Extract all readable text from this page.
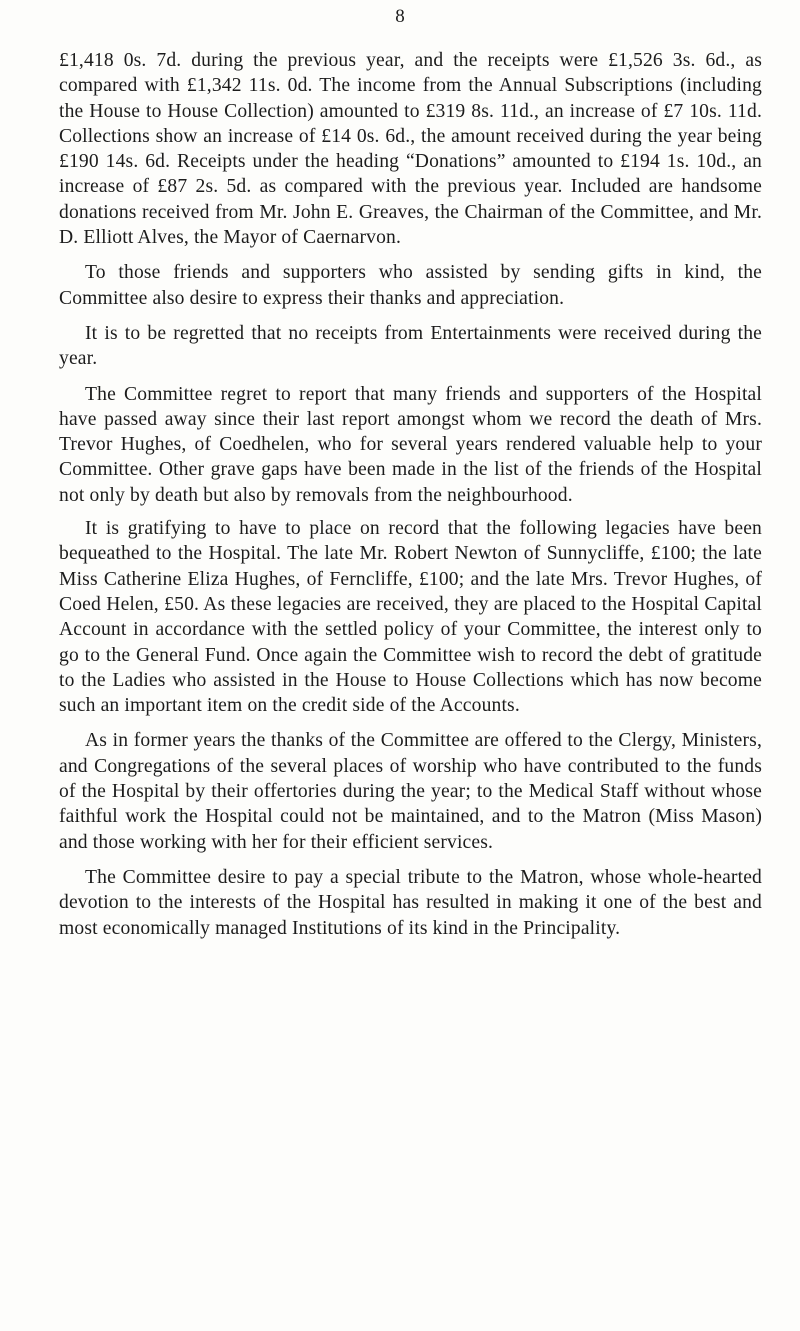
8

£1,418 0s. 7d. during the previous year, and the receipts were £1,526 3s. 6d., as compared with £1,342 11s. 0d. The income from the Annual Subscriptions (including the House to House Collection) amounted to £319 8s. 11d., an increase of £7 10s. 11d. Collections show an increase of £14 0s. 6d., the amount received during the year being £190 14s. 6d. Receipts under the heading “Donations” amounted to £194 1s. 10d., an increase of £87 2s. 5d. as compared with the previous year. Included are handsome donations received from Mr. John E. Greaves, the Chairman of the Committee, and Mr. D. Elliott Alves, the Mayor of Caernarvon.

To those friends and supporters who assisted by sending gifts in kind, the Committee also desire to express their thanks and appreciation.

It is to be regretted that no receipts from Entertainments were received during the year.

The Committee regret to report that many friends and supporters of the Hospital have passed away since their last report amongst whom we record the death of Mrs. Trevor Hughes, of Coedhelen, who for several years rendered valuable help to your Committee. Other grave gaps have been made in the list of the friends of the Hospital not only by death but also by removals from the neighbourhood.

It is gratifying to have to place on record that the following legacies have been bequeathed to the Hospital. The late Mr. Robert Newton of Sunnycliffe, £100; the late Miss Catherine Eliza Hughes, of Ferncliffe, £100; and the late Mrs. Trevor Hughes, of Coed Helen, £50. As these legacies are received, they are placed to the Hospital Capital Account in accordance with the settled policy of your Committee, the interest only to go to the General Fund. Once again the Committee wish to record the debt of gratitude to the Ladies who assisted in the House to House Collections which has now become such an important item on the credit side of the Accounts.

As in former years the thanks of the Committee are offered to the Clergy, Ministers, and Congregations of the several places of worship who have contributed to the funds of the Hospital by their offertories during the year; to the Medical Staff without whose faithful work the Hospital could not be maintained, and to the Matron (Miss Mason) and those working with her for their efficient services.

The Committee desire to pay a special tribute to the Matron, whose whole-hearted devotion to the interests of the Hospital has resulted in making it one of the best and most economically managed Institutions of its kind in the Principality.
